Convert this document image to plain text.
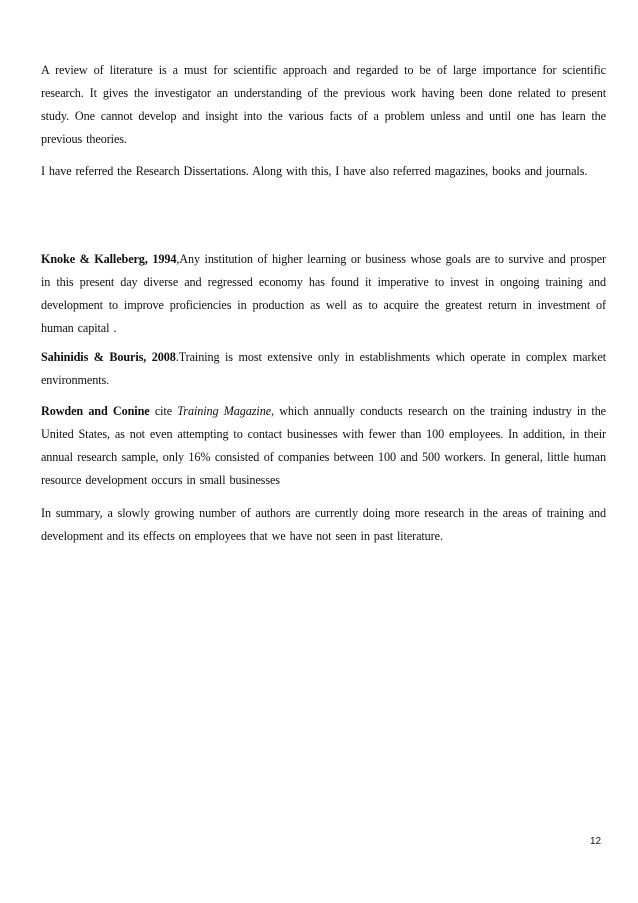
A review of literature is a must for scientific approach and regarded to be of large importance for scientific research. It gives the investigator an understanding of the previous work having been done related to present study. One cannot develop and insight into the various facts of a problem unless and until one has learn the previous theories.

I have referred the Research Dissertations. Along with this, I have also referred magazines, books and journals.

Knoke & Kalleberg, 1994,Any institution of higher learning or business whose goals are to survive and prosper in this present day diverse and regressed economy has found it imperative to invest in ongoing training and development to improve proficiencies in production as well as to acquire the greatest return in investment of human capital .

Sahinidis & Bouris, 2008.Training is most extensive only in establishments which operate in complex market environments.

Rowden and Conine cite Training Magazine, which annually conducts research on the training industry in the United States, as not even attempting to contact businesses with fewer than 100 employees. In addition, in their annual research sample, only 16% consisted of companies between 100 and 500 workers. In general, little human resource development occurs in small businesses

In summary, a slowly growing number of authors are currently doing more research in the areas of training and development and its effects on employees that we have not seen in past literature.

12
